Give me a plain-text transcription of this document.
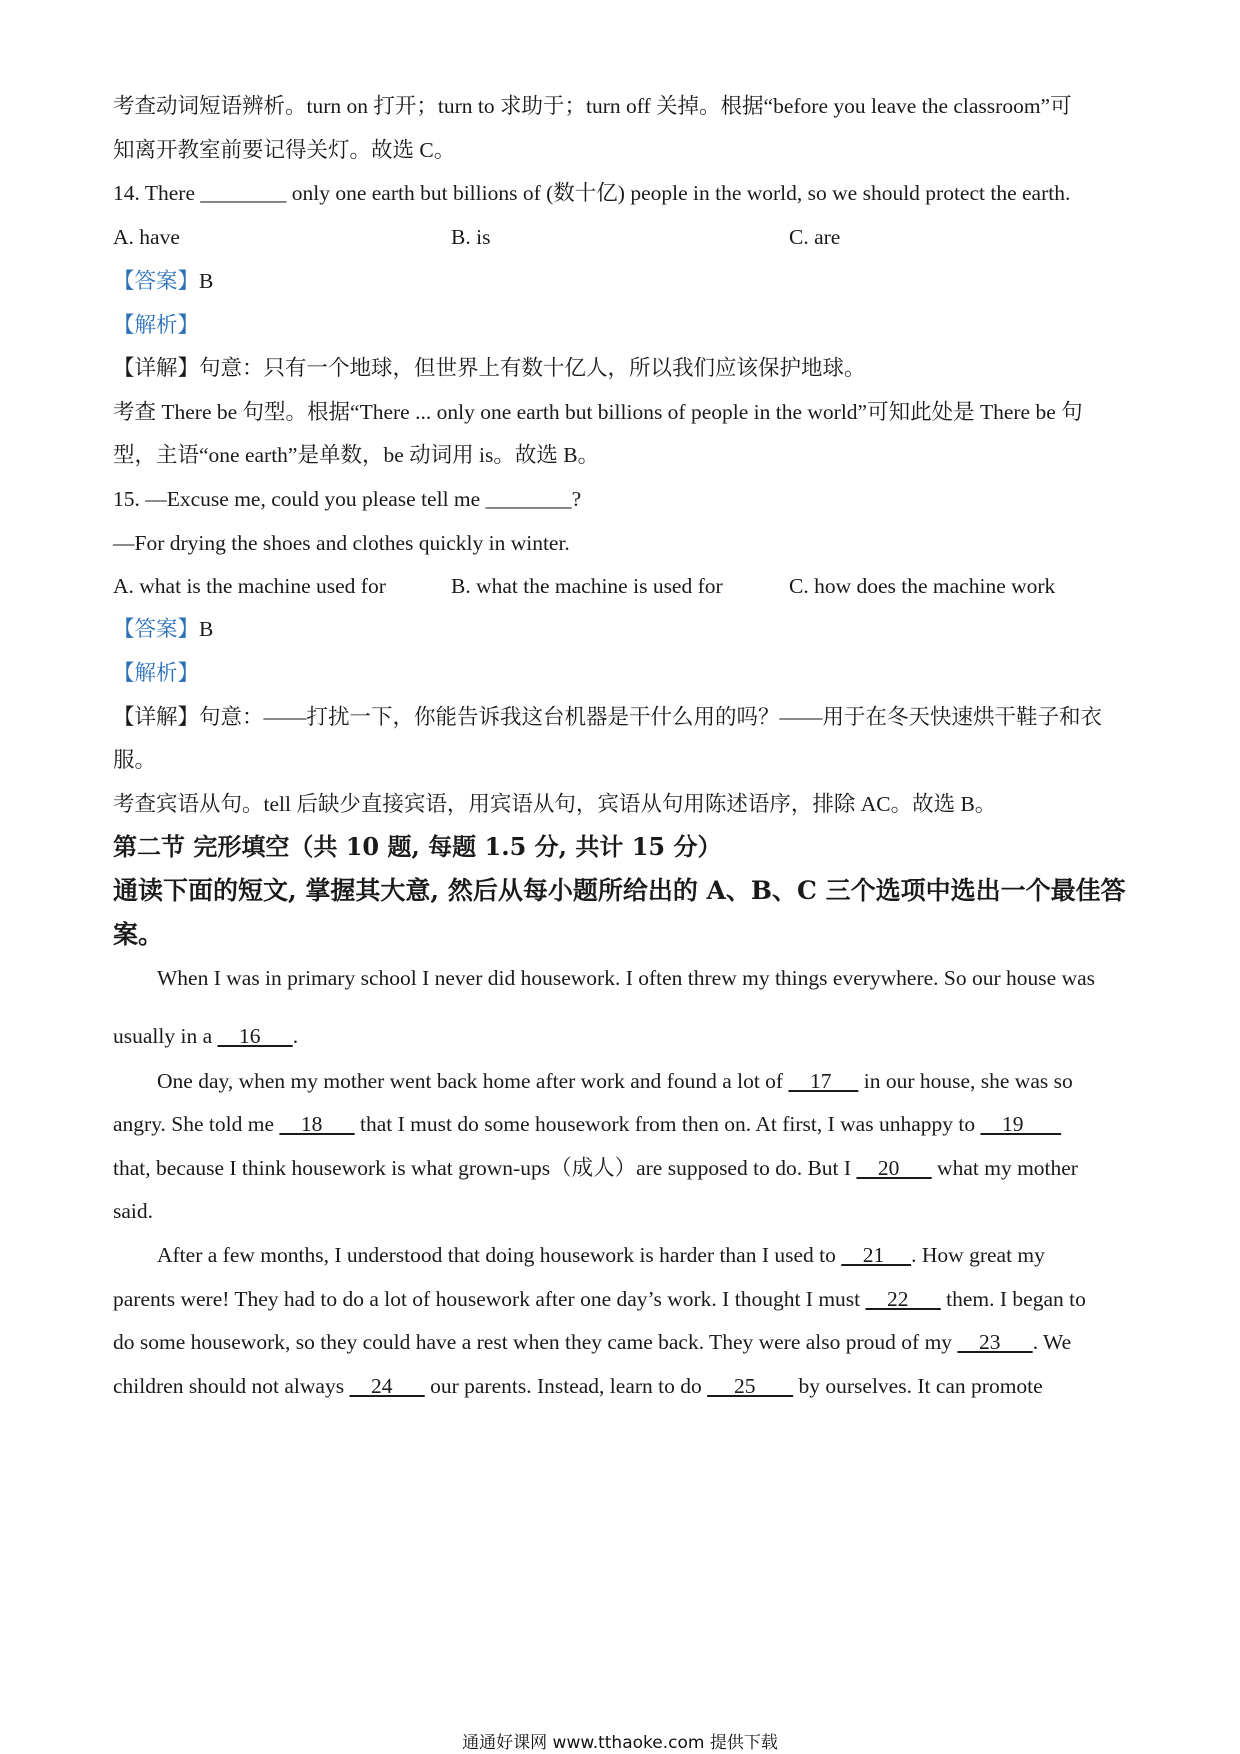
考查动词短语辨析。turn on 打开；turn to 求助于；turn off 关掉。根据“before you leave the classroom”可
知离开教室前要记得关灯。故选 C。
14. There ________ only one earth but billions of (数十亿) people in the world, so we should protect the earth.
A. have	B. is	C. are
【答案】B
【解析】
【详解】句意：只有一个地球，但世界上有数十亿人，所以我们应该保护地球。
考查 There be 句型。根据“There ... only one earth but billions of people in the world”可知此处是 There be 句
型，主语“one earth”是单数，be 动词用 is。故选 B。
15. —Excuse me, could you please tell me ________?
—For drying the shoes and clothes quickly in winter.
A. what is the machine used for	B. what the machine is used for	C. how does the machine work
【答案】B
【解析】
【详解】句意：——打扰一下，你能告诉我这台机器是干什么用的吗？——用于在冬天快速烘干鞋子和衣
服。
考查宾语从句。tell 后缺少直接宾语，用宾语从句，宾语从句用陈述语序，排除 AC。故选 B。
第二节 完形填空（共 10 题, 每题 1.5 分, 共计 15 分）
通读下面的短文, 掌握其大意, 然后从每小题所给出的 A、B、C 三个选项中选出一个最佳答
案。
When I was in primary school I never did housework. I often threw my things everywhere. So our house was
usually in a     16      .
One day, when my mother went back home after work and found a lot of     17      in our house, she was so
angry. She told me     18       that I must do some housework from then on. At first, I was unhappy to     19
that, because I think housework is what grown-ups（成人）are supposed to do. But I     20       what my mother
said.
After a few months, I understood that doing housework is harder than I used to     21     . How great my
parents were! They had to do a lot of housework after one day’s work. I thought I must     22       them. I began to
do some housework, so they could have a rest when they came back. They were also proud of my     23      . We
children should not always     24       our parents. Instead, learn to do      25        by ourselves. It can promote
通通好课网 www.tthaoke.com 提供下载
